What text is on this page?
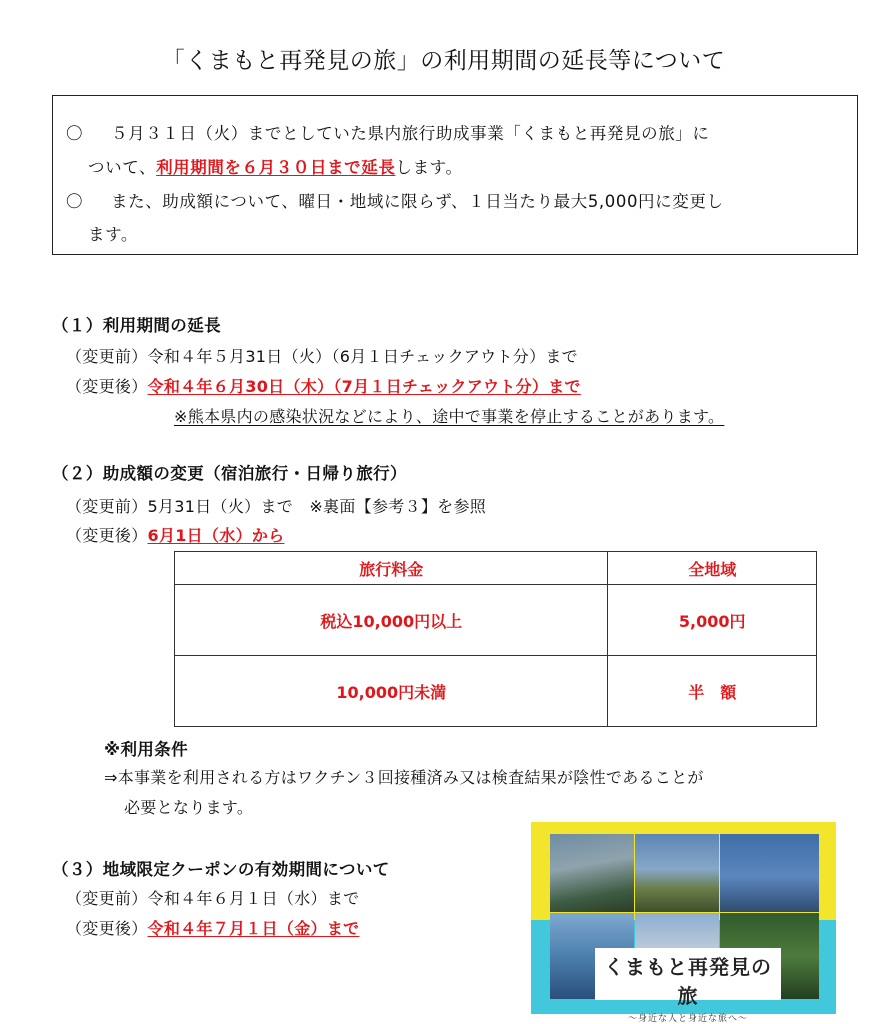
「くまもと再発見の旅」の利用期間の延長等について
〇 ５月３１日（火）までとしていた県内旅行助成事業「くまもと再発見の旅」に
ついて、利用期間を６月３０日まで延長します。
〇 また、助成額について、曜日・地域に限らず、１日当たり最大5,000円に変更し
ます。
（１）利用期間の延長
（変更前）令和４年５月31日（火）（6月１日チェックアウト分）まで
（変更後）令和４年６月30日（木）（7月１日チェックアウト分）まで
※熊本県内の感染状況などにより、途中で事業を停止することがあります。
（２）助成額の変更（宿泊旅行・日帰り旅行）
（変更前）5月31日（火）まで　※裏面【参考３】を参照
（変更後）6月1日（水）から
旅行料金	全地域
税込10,000円以上	5,000円
10,000円未満	半　額
※利用条件
⇒本事業を利用される方はワクチン３回接種済み又は検査結果が陰性であることが
必要となります。
（３）地域限定クーポンの有効期間について
（変更前）令和４年６月１日（水）まで
（変更後）令和４年７月１日（金）まで
くまもと再発見の旅
～身近な人と身近な旅へ～
